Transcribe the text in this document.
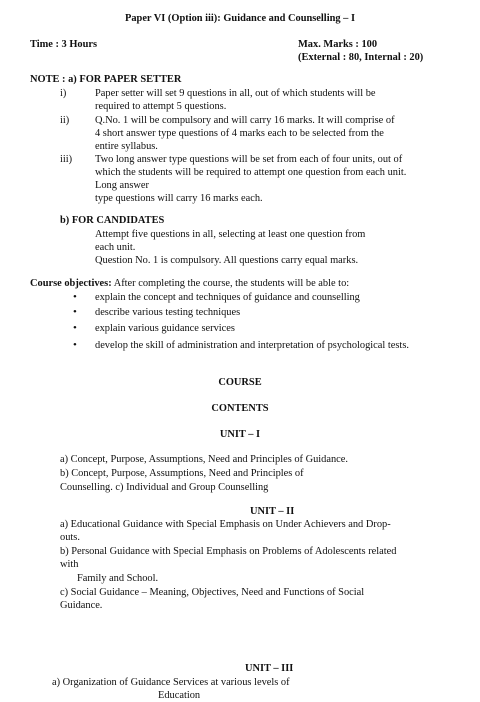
Paper VI (Option iii): Guidance and Counselling – I
Time : 3 Hours	Max. Marks : 100
(External : 80, Internal : 20)
NOTE : a) FOR PAPER SETTER
i)	Paper setter will set 9 questions in all, out of which students will be
required to attempt 5 questions.
ii) Q.No. 1 will be compulsory and will carry 16 marks. It will comprise of
4 short answer type questions of 4 marks each to be selected from the
entire syllabus.
iii) Two long answer type questions will be set from each of four units, out of
which the students will be required to attempt one question from each unit.
Long answer
type questions will carry 16 marks each.
b) FOR CANDIDATES
Attempt five questions in all, selecting at least one question from
each unit.
Question No. 1 is compulsory. All questions carry equal marks.
Course objectives: After completing the course, the students will be able to:
• explain the concept and techniques of guidance and counselling
• describe various testing techniques
• explain various guidance services
• develop the skill of administration and interpretation of psychological tests.
COURSE
CONTENTS
UNIT – I
a) Concept, Purpose, Assumptions, Need and Principles of Guidance.
b) Concept, Purpose, Assumptions, Need and Principles of
Counselling. c) Individual and Group Counselling
UNIT – II
a) Educational Guidance with Special Emphasis on Under Achievers and Drop-
outs.
b) Personal Guidance with Special Emphasis on Problems of Adolescents related
with
Family and School.
c) Social Guidance – Meaning, Objectives, Need and Functions of Social
Guidance.
UNIT – III
a) Organization of Guidance Services at various levels of
Education
